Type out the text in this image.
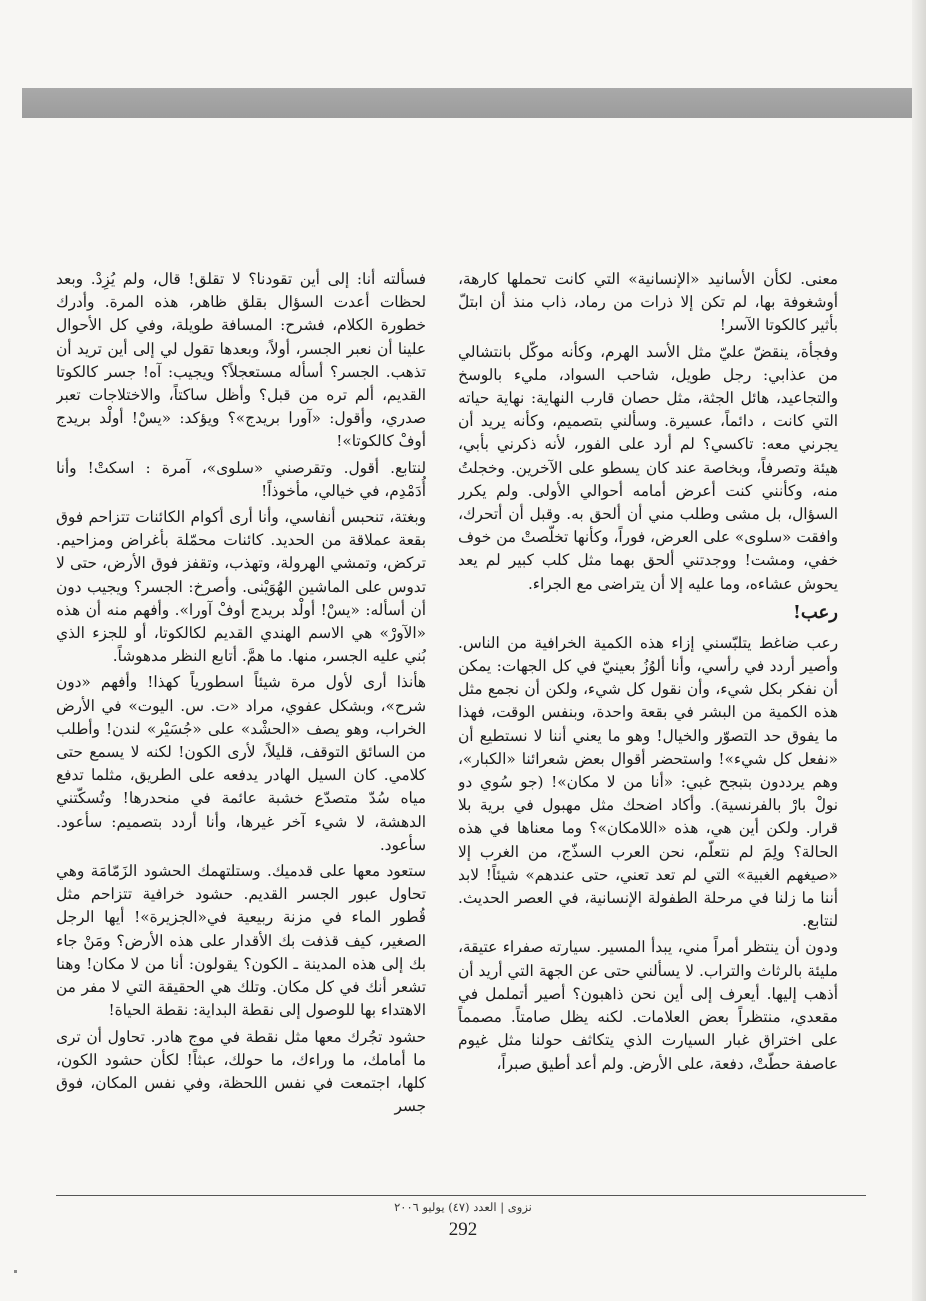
معنى. لكأن الأسانيد «الإنسانية» التي كانت تحملها كارهة، أوشغوفة بها، لم تكن إلا ذرات من رماد، ذاب منذ أن ابتلّ بأثير كالكوتا الآسر!

وفجأة، ينقضّ عليّ مثل الأسد الهرم، وكأنه موكّل بانتشالي من عذابي: رجل طويل، شاحب السواد، مليء بالوسخ والتجاعيد، هائل الجثة، مثل حصان قارب النهاية: نهاية حياته التي كانت ، دائماً، عسيرة. وسألني بتصميم، وكأنه يريد أن يجرني معه: تاكسي؟ لم أرد على الفور، لأنه ذكرني بأبي، هيئة وتصرفاً، وبخاصة عند كان يسطو على الآخرين. وخجلتُ منه، وكأنني كنت أعرض أمامه أحوالي الأولى. ولم يكرر السؤال، بل مشى وطلب مني أن ألحق به. وقبل أن أتحرك، وافقت «سلوى» على العرض، فوراً، وكأنها تخلّصتْ من خوف خفي، ومشت! ووجدتني ألحق بهما مثل كلب كبير لم يعد يحوش عشاءه، وما عليه إلا أن يتراضى مع الجراء.

رعب!

رعب ضاغط يتلبّسني إزاء هذه الكمية الخرافية من الناس. وأصير أردد في رأسي، وأنا ألوُزُ بعينيّ في كل الجهات: يمكن أن نفكر بكل شيء، وأن نقول كل شيء، ولكن أن نجمع مثل هذه الكمية من البشر في بقعة واحدة، وبنفس الوقت، فهذا ما يفوق حد التصوّر والخيال! وهو ما يعني أننا لا نستطيع أن «نفعل كل شيء»! واستحضر أقوال بعض شعرائنا «الكبار»، وهم يرددون بتبجح غبي: «أنا من لا مكان»! (جو سُوي دو نولْ بارْ بالفرنسية). وأكاد اضحك مثل مهبول في برية بلا قرار. ولكن أين هي، هذه «اللامكان»؟ وما معناها في هذه الحالة؟ ولِمَ لم نتعلّم، نحن العرب السذّج، من الغرب إلا «صيغهم الغبية» التي لم تعد تعني، حتى عندهم» شيئاً! لابد أننا ما زلنا في مرحلة الطفولة الإنسانية، في العصر الحديث. لنتابع.

ودون أن ينتظر أمراً مني، يبدأ المسير. سيارته صفراء عتيقة، مليئة بالرثاث والتراب. لا يسألني حتى عن الجهة التي أريد أن أذهب إليها. أيعرف إلى أين نحن ذاهبون؟ أصير أتململ في مقعدي، منتظراً بعض العلامات. لكنه يظل صامتاً. مصمماً على اختراق غبار السيارت الذي يتكاثف حولنا مثل غيوم عاصفة حطّتْ، دفعة، على الأرض. ولم أعد أطيق صبراً،

فسألته أنا: إلى أين تقودنا؟ لا تقلق! قال، ولم يُزِدْ. وبعد لحظات أعدت السؤال بقلق ظاهر، هذه المرة. وأدرك خطورة الكلام، فشرح: المسافة طويلة، وفي كل الأحوال علينا أن نعبر الجسر، أولاً، وبعدها تقول لي إلى أين تريد أن تذهب. الجسر؟ أسأله مستعجلاً؟ ويجيب: آه! جسر كالكوتا القديم، ألم تره من قبل؟ وأظل ساكتاً، والاختلاجات تعبر صدري، وأقول: «آورا بريدج»؟ ويؤكد: «يسْ! أولْد بريدج أوفْ كالكوتا»!

لنتابع. أقول. وتقرصني «سلوى»، آمرة : اسكتْ! وأنا أُدَمْدِم، في خيالي، مأخوذاً!

وبغتة، تنحبس أنفاسي، وأنا أرى أكوام الكائنات تتزاحم فوق بقعة عملاقة من الحديد. كائنات محمّلة بأغراض ومزاحيم. تركض، وتمشي الهرولة، وتهذب، وتقفز فوق الأرض، حتى لا تدوس على الماشين الهُوَيْنى. وأصرخ: الجسر؟ ويجيب دون أن أسأله: «يسْ! أولْد بريدج أوفْ آورا». وأفهم منه أن هذه «الآورْ» هي الاسم الهندي القديم لكالكوتا، أو للجزء الذي بُني عليه الجسر، منها. ما همَّ. أتابع النظر مدهوشاً.

هأنذا أرى لأول مرة شيئاً اسطورياً كهذا! وأفهم «دون شرح»، وبشكل عفوي، مراد «ت. س. اليوت» في الأرض الخراب، وهو يصف «الحشْد» على «جُسَيْر» لندن! وأطلب من السائق التوقف، قليلاً، لأرى الكون! لكنه لا يسمع حتى كلامي. كان السيل الهادر يدفعه على الطريق، مثلما تدفع مياه سُدّ متصدّع خشبة عائمة في منحدرها! وتُسكّتني الدهشة، لا شيء آخر غيرها، وأنا أردد بتصميم: سأعود. سأعود.

ستعود معها على قدميك. وستلتهمك الحشود الزَمّامَة وهي تحاول عبور الجسر القديم. حشود خرافية تتزاحم مثل قُطور الماء في مزنة ربيعية في«الجزيرة»! أيها الرجل الصغير، كيف قذفت بك الأقدار على هذه الأرض؟ ومَنْ جاء بك إلى هذه المدينة ـ الكون؟ يقولون: أنا من لا مكان! وهنا تشعر أنك في كل مكان. وتلك هي الحقيقة التي لا مفر من الاهتداء بها للوصول إلى نقطة البداية: نقطة الحياة!

حشود تجُرك معها مثل نقطة في موج هادر. تحاول أن ترى ما أمامك، ما وراءك، ما حولك، عبثاً! لكأن حشود الكون، كلها، اجتمعت في نفس اللحظة، وفي نفس المكان، فوق جسر

نزوى | العدد (٤٧) يوليو ٢٠٠٦
292
